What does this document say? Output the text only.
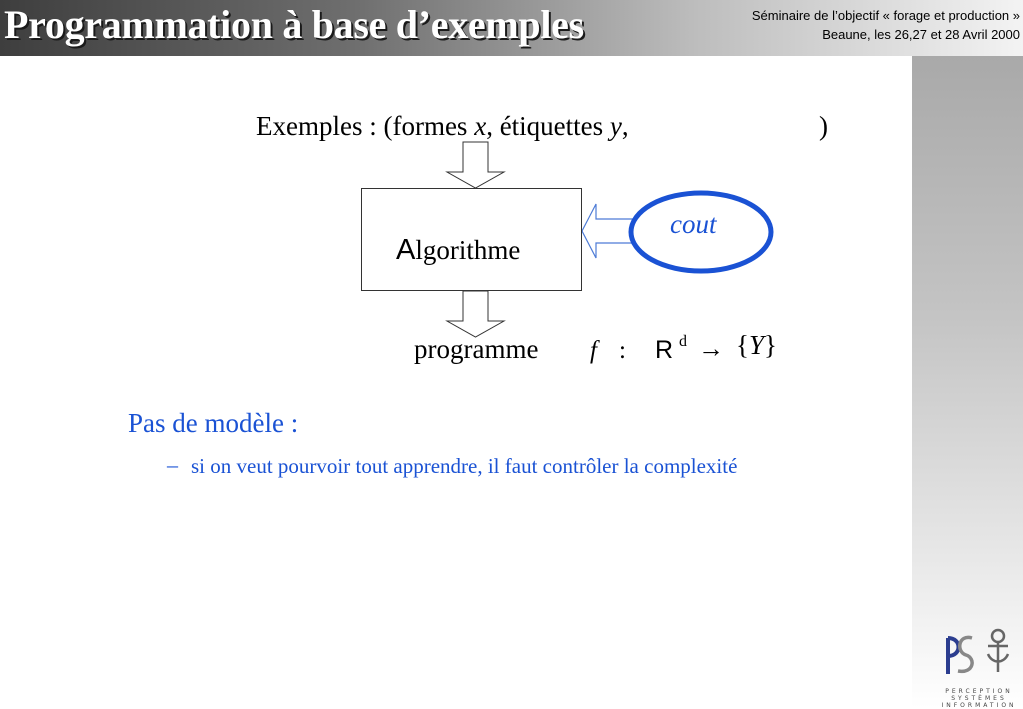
Programmation à base d’exemples	Séminaire de l’objectif « forage et production »
Beaune, les 26,27 et 28 Avril 2000
Exemples : (formes x, étiquettes y,	)
Algorithme
cout
programme f : R d → {Y}
Pas de modèle :
– si on veut pourvoir tout apprendre, il faut contrôler la complexité
PERCEPTION
SYSTÈMES
INFORMATION
